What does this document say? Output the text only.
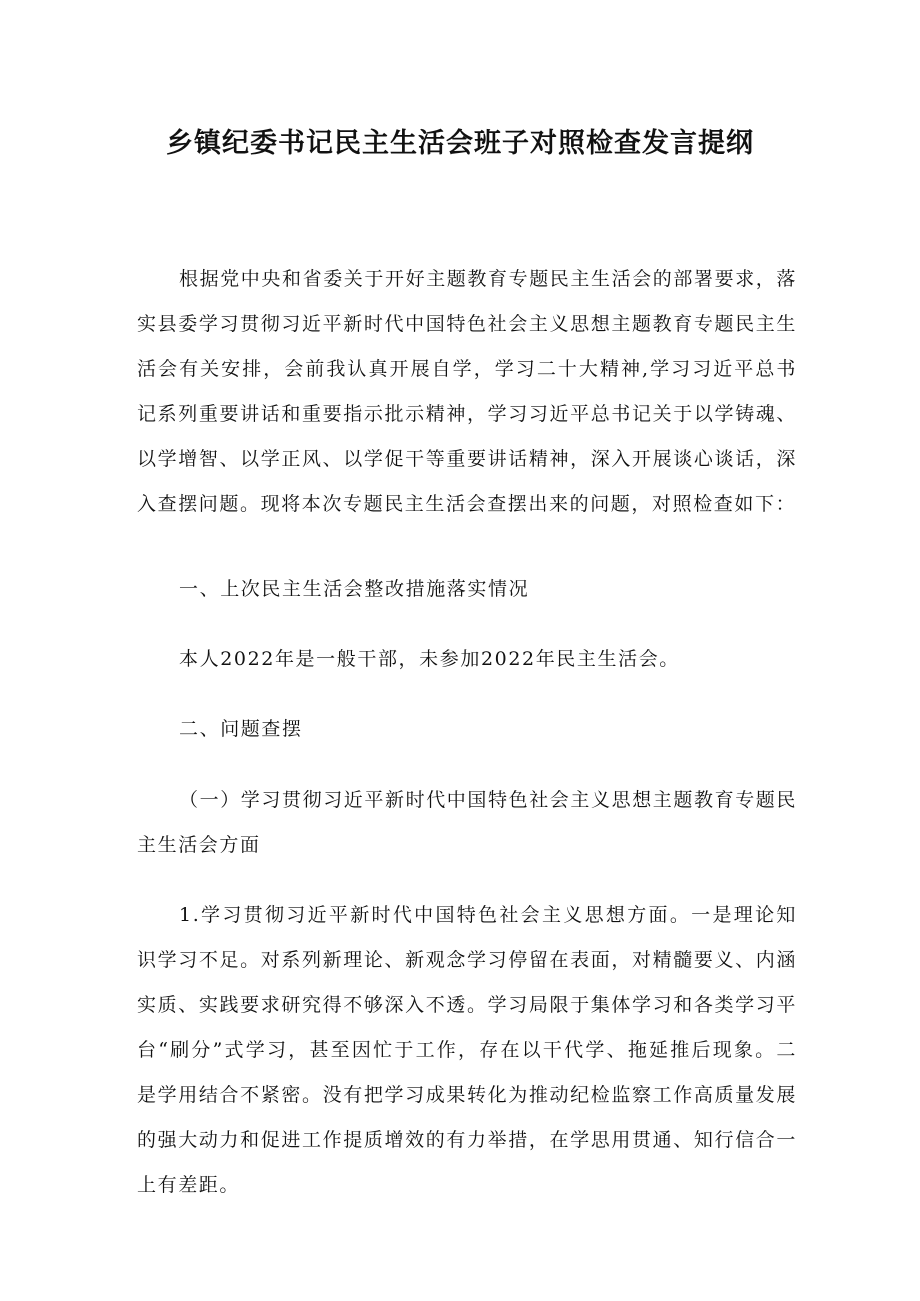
乡镇纪委书记民主生活会班子对照检查发言提纲

根据党中央和省委关于开好主题教育专题民主生活会的部署要求，落实县委学习贯彻习近平新时代中国特色社会主义思想主题教育专题民主生活会有关安排，会前我认真开展自学，学习二十大精神,学习习近平总书记系列重要讲话和重要指示批示精神，学习习近平总书记关于以学铸魂、以学增智、以学正风、以学促干等重要讲话精神，深入开展谈心谈话，深入查摆问题。现将本次专题民主生活会查摆出来的问题，对照检查如下：

一、上次民主生活会整改措施落实情况

本人2022年是一般干部，未参加2022年民主生活会。

二、问题查摆

（一）学习贯彻习近平新时代中国特色社会主义思想主题教育专题民主生活会方面

1.学习贯彻习近平新时代中国特色社会主义思想方面。一是理论知识学习不足。对系列新理论、新观念学习停留在表面，对精髓要义、内涵实质、实践要求研究得不够深入不透。学习局限于集体学习和各类学习平台“刷分”式学习，甚至因忙于工作，存在以干代学、拖延推后现象。二是学用结合不紧密。没有把学习成果转化为推动纪检监察工作高质量发展的强大动力和促进工作提质增效的有力举措，在学思用贯通、知行信合一上有差距。
